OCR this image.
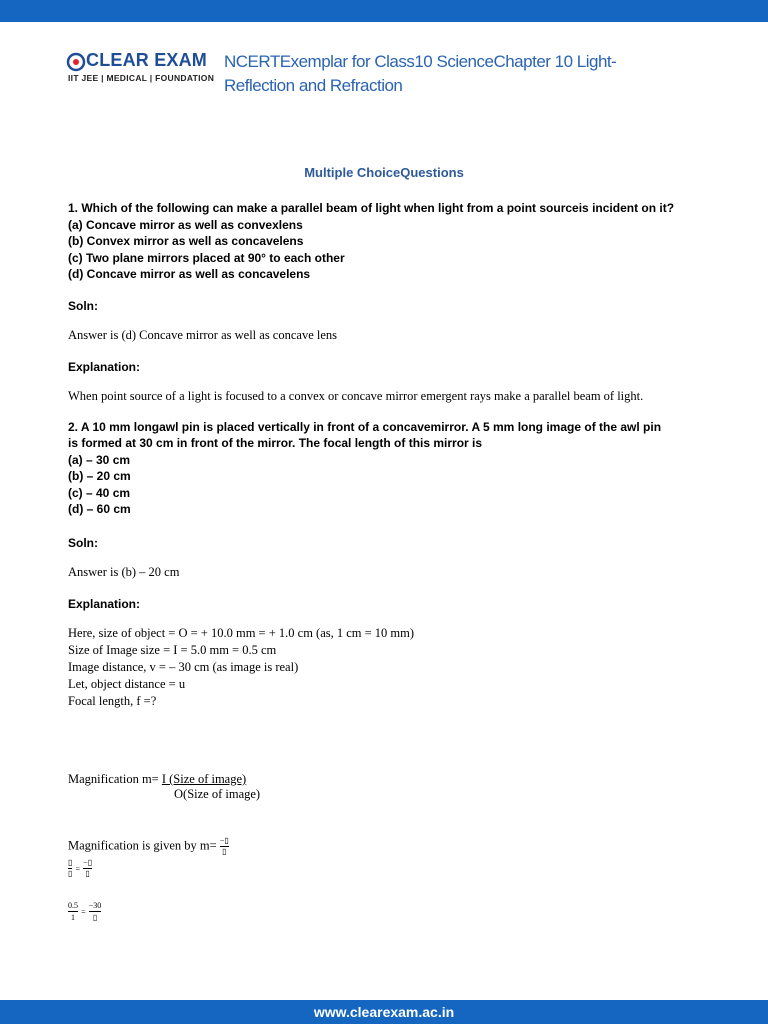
CLEAR EXAM
IIT JEE | MEDICAL | FOUNDATION
NCERTExemplar for Class10 ScienceChapter 10 Light-
Reflection and Refraction
Multiple ChoiceQuestions
1. Which of the following can make a parallel beam of light when light from a point sourceis incident on it?
(a) Concave mirror as well as convexlens
(b) Convex mirror as well as concavelens
(c) Two plane mirrors placed at 90° to each other
(d) Concave mirror as well as concavelens
Soln:
Answer is (d) Concave mirror as well as concave lens
Explanation:
When point source of a light is focused to a convex or concave mirror emergent rays make a parallel beam of light.
2. A 10 mm longawl pin is placed vertically in front of a concavemirror. A 5 mm long image of the awl pin
is formed at 30 cm in front of the mirror. The focal length of this mirror is
(a) – 30 cm
(b) – 20 cm
(c) – 40 cm
(d) – 60 cm
Soln:
Answer is (b) – 20 cm
Explanation:
Here, size of object = O = + 10.0 mm = + 1.0 cm (as, 1 cm = 10 mm)
Size of Image size = I = 5.0 mm = 0.5 cm
Image distance, v = – 30 cm (as image is real)
Let, object distance = u
Focal length, f =?
Magnification m= I (Size of image)
O(Size of image)
Magnification is given by m= −▯
▯
▯
▯
=
−▯
▯
$\frac{0.5}{1}$ =
−30
▯
www.clearexam.ac.in
